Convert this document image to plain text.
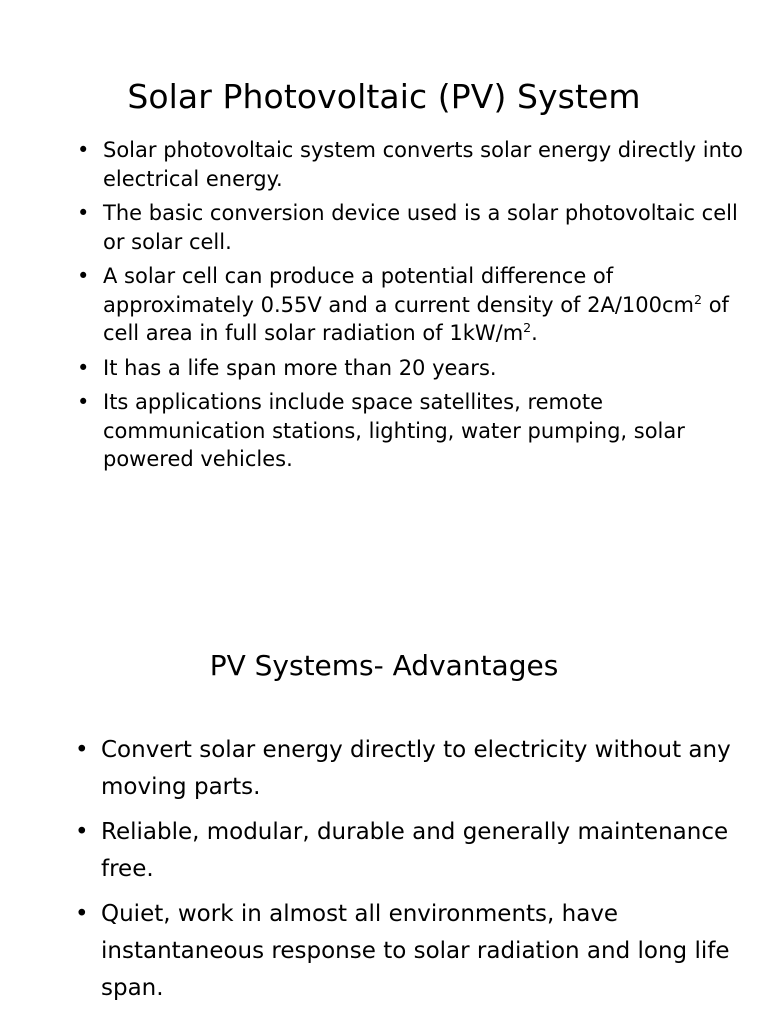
Solar Photovoltaic (PV) System
• Solar photovoltaic system converts solar energy directly into electrical energy.
• The basic conversion device used is a solar photovoltaic cell or solar cell.
• A solar cell can produce a potential difference of approximately 0.55V and a current density of $2A/100cm^2$ of cell area in full solar radiation of $1kW/m^2$.
• It has a life span more than 20 years.
• Its applications include space satellites, remote communication stations, lighting, water pumping, solar powered vehicles.
PV Systems- Advantages
• Convert solar energy directly to electricity without any moving parts.
• Reliable, modular, durable and generally maintenance free.
• Quiet, work in almost all environments, have instantaneous response to solar radiation and long life span.
